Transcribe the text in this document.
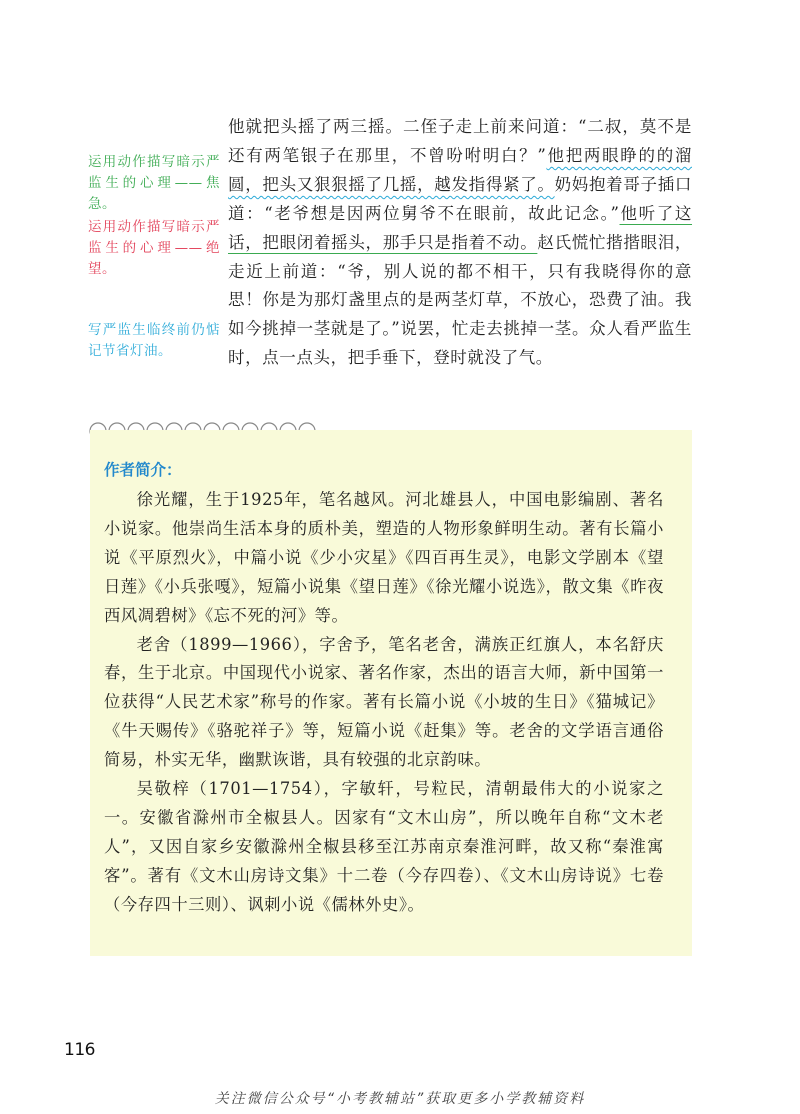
运用动作描写暗示严监生的心理——焦急。
运用动作描写暗示严监生的心理——绝望。
写严监生临终前仍惦记节省灯油。

他就把头摇了两三摇。二侄子走上前来问道：“二叔，莫不是还有两笔银子在那里，不曾吩咐明白？”他把两眼睁的的溜圆，把头又狠狠摇了几摇，越发指得紧了。奶妈抱着哥子插口道：“老爷想是因两位舅爷不在眼前，故此记念。”他听了这话，把眼闭着摇头，那手只是指着不动。赵氏慌忙揩揩眼泪，走近上前道：“爷，别人说的都不相干，只有我晓得你的意思！你是为那灯盏里点的是两茎灯草，不放心，恐费了油。我如今挑掉一茎就是了。”说罢，忙走去挑掉一茎。众人看严监生时，点一点头，把手垂下，登时就没了气。

作者简介：

徐光耀，生于1925年，笔名越风。河北雄县人，中国电影编剧、著名小说家。他崇尚生活本身的质朴美，塑造的人物形象鲜明生动。著有长篇小说《平原烈火》，中篇小说《少小灾星》《四百再生灵》，电影文学剧本《望日莲》《小兵张嘎》，短篇小说集《望日莲》《徐光耀小说选》，散文集《昨夜西风凋碧树》《忘不死的河》等。

老舍（1899—1966），字舍予，笔名老舍，满族正红旗人，本名舒庆春，生于北京。中国现代小说家、著名作家，杰出的语言大师，新中国第一位获得“人民艺术家”称号的作家。著有长篇小说《小坡的生日》《猫城记》《牛天赐传》《骆驼祥子》等，短篇小说《赶集》等。老舍的文学语言通俗简易，朴实无华，幽默诙谐，具有较强的北京韵味。

吴敬梓（1701—1754），字敏轩，号粒民，清朝最伟大的小说家之一。安徽省滁州市全椒县人。因家有“文木山房”，所以晚年自称“文木老人”，又因自家乡安徽滁州全椒县移至江苏南京秦淮河畔，故又称“秦淮寓客”。著有《文木山房诗文集》十二卷（今存四卷）、《文木山房诗说》七卷（今存四十三则）、讽刺小说《儒林外史》。

116
关注微信公众号“小考教辅站”获取更多小学教辅资料
